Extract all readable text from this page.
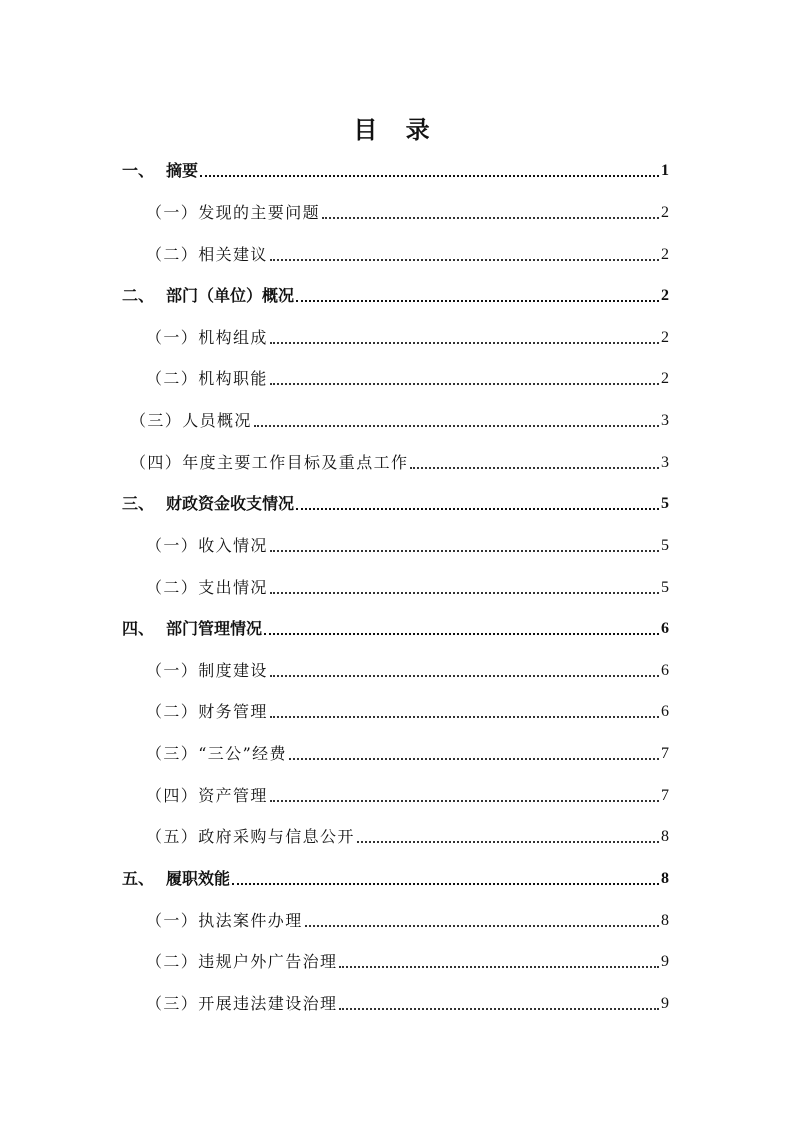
目 录
一、 摘要	1
（一）发现的主要问题	2
（二）相关建议	2
二、 部门（单位）概况	2
（一）机构组成	2
（二）机构职能	2
（三）人员概况	3
（四）年度主要工作目标及重点工作	3
三、 财政资金收支情况	5
（一）收入情况	5
（二）支出情况	5
四、 部门管理情况	6
（一）制度建设	6
（二）财务管理	6
（三）“三公”经费	7
（四）资产管理	7
（五）政府采购与信息公开	8
五、 履职效能	8
（一）执法案件办理	8
（二）违规户外广告治理	9
（三）开展违法建设治理	9
